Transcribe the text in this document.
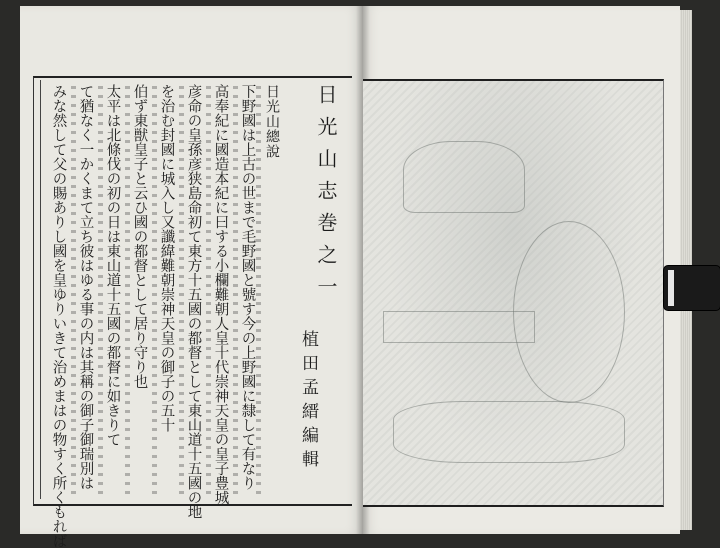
日光山志巻之一
植田孟縉編輯
日光山總說
下野國は上古の世まで毛野國と號す今の上野國に隸して有なり
高奉紀に國造本紀に曰する小欄難朝人皇十代崇神天皇の皇子豊城
彦命の皇孫彦狭島命初て東方十五國の都督として東山道十五國の地
を治む封國に城入し又讖緯難朝崇神天皇の御子の五十
伯ず東獣皇子と云ひ國の都督として居り守り也
太平は北條伐の初の日は東山道十五國の都督に如きりて
て猶なく一かくまて立ち彼はゆる事の内は其稱の御子御瑞別は
みな然して父の賜ありし國を皇ゆりいきて治めまはの物すく所くもれば
